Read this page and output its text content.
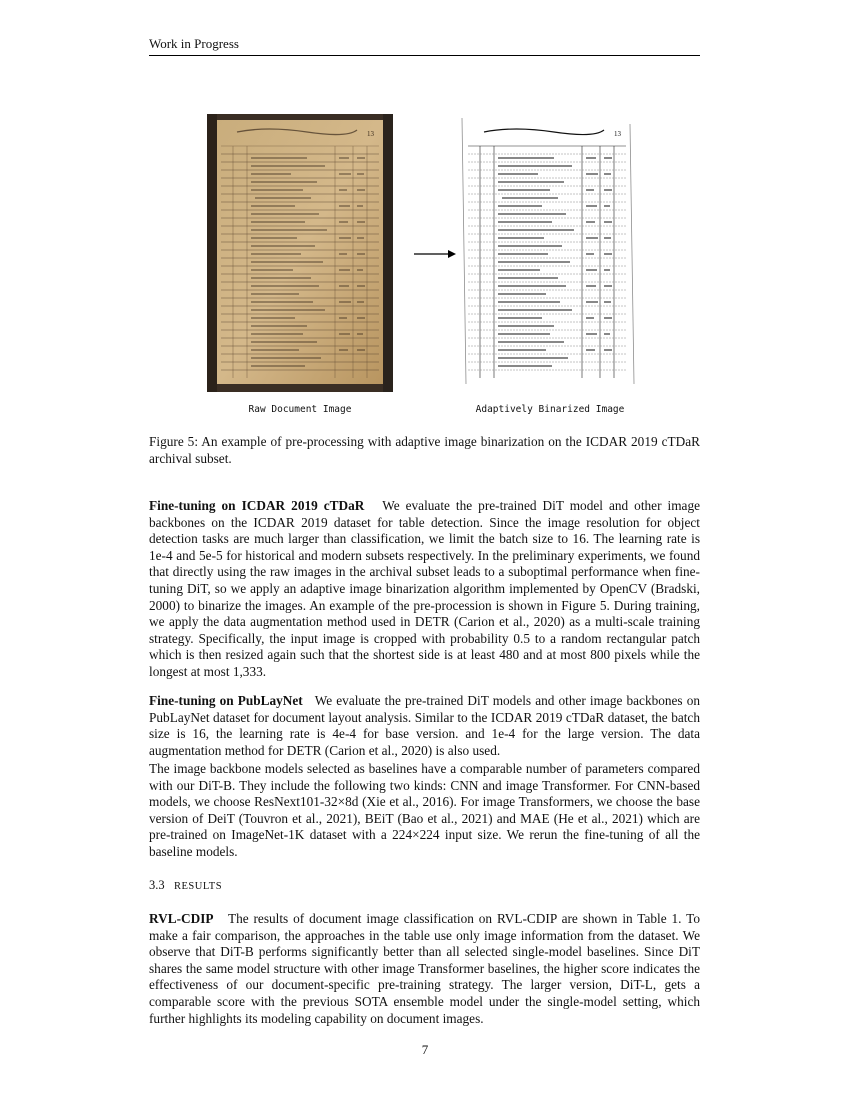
Work in Progress
13	13
Raw Document Image	Adaptively Binarized Image
Figure 5: An example of pre-processing with adaptive image binarization on the ICDAR 2019 cTDaR archival subset.

Fine-tuning on ICDAR 2019 cTDaR We evaluate the pre-trained DiT model and other image backbones on the ICDAR 2019 dataset for table detection. Since the image resolution for object detection tasks are much larger than classification, we limit the batch size to 16. The learning rate is 1e-4 and 5e-5 for historical and modern subsets respectively. In the preliminary experiments, we found that directly using the raw images in the archival subset leads to a suboptimal performance when fine-tuning DiT, so we apply an adaptive image binarization algorithm implemented by OpenCV (Bradski, 2000) to binarize the images. An example of the pre-procession is shown in Figure 5. During training, we apply the data augmentation method used in DETR (Carion et al., 2020) as a multi-scale training strategy. Specifically, the input image is cropped with probability 0.5 to a random rectangular patch which is then resized again such that the shortest side is at least 480 and at most 800 pixels while the longest at most 1,333.

Fine-tuning on PubLayNet We evaluate the pre-trained DiT models and other image backbones on PubLayNet dataset for document layout analysis. Similar to the ICDAR 2019 cTDaR dataset, the batch size is 16, the learning rate is 4e-4 for base version. and 1e-4 for the large version. The data augmentation method for DETR (Carion et al., 2020) is also used.

The image backbone models selected as baselines have a comparable number of parameters compared with our DiT-B. They include the following two kinds: CNN and image Transformer. For CNN-based models, we choose ResNext101-32×8d (Xie et al., 2016). For image Transformers, we choose the base version of DeiT (Touvron et al., 2021), BEiT (Bao et al., 2021) and MAE (He et al., 2021) which are pre-trained on ImageNet-1K dataset with a 224×224 input size. We rerun the fine-tuning of all the baseline models.

3.3 RESULTS

RVL-CDIP The results of document image classification on RVL-CDIP are shown in Table 1. To make a fair comparison, the approaches in the table use only image information from the dataset. We observe that DiT-B performs significantly better than all selected single-model baselines. Since DiT shares the same model structure with other image Transformer baselines, the higher score indicates the effectiveness of our document-specific pre-training strategy. The larger version, DiT-L, gets a comparable score with the previous SOTA ensemble model under the single-model setting, which further highlights its modeling capability on document images.

7
